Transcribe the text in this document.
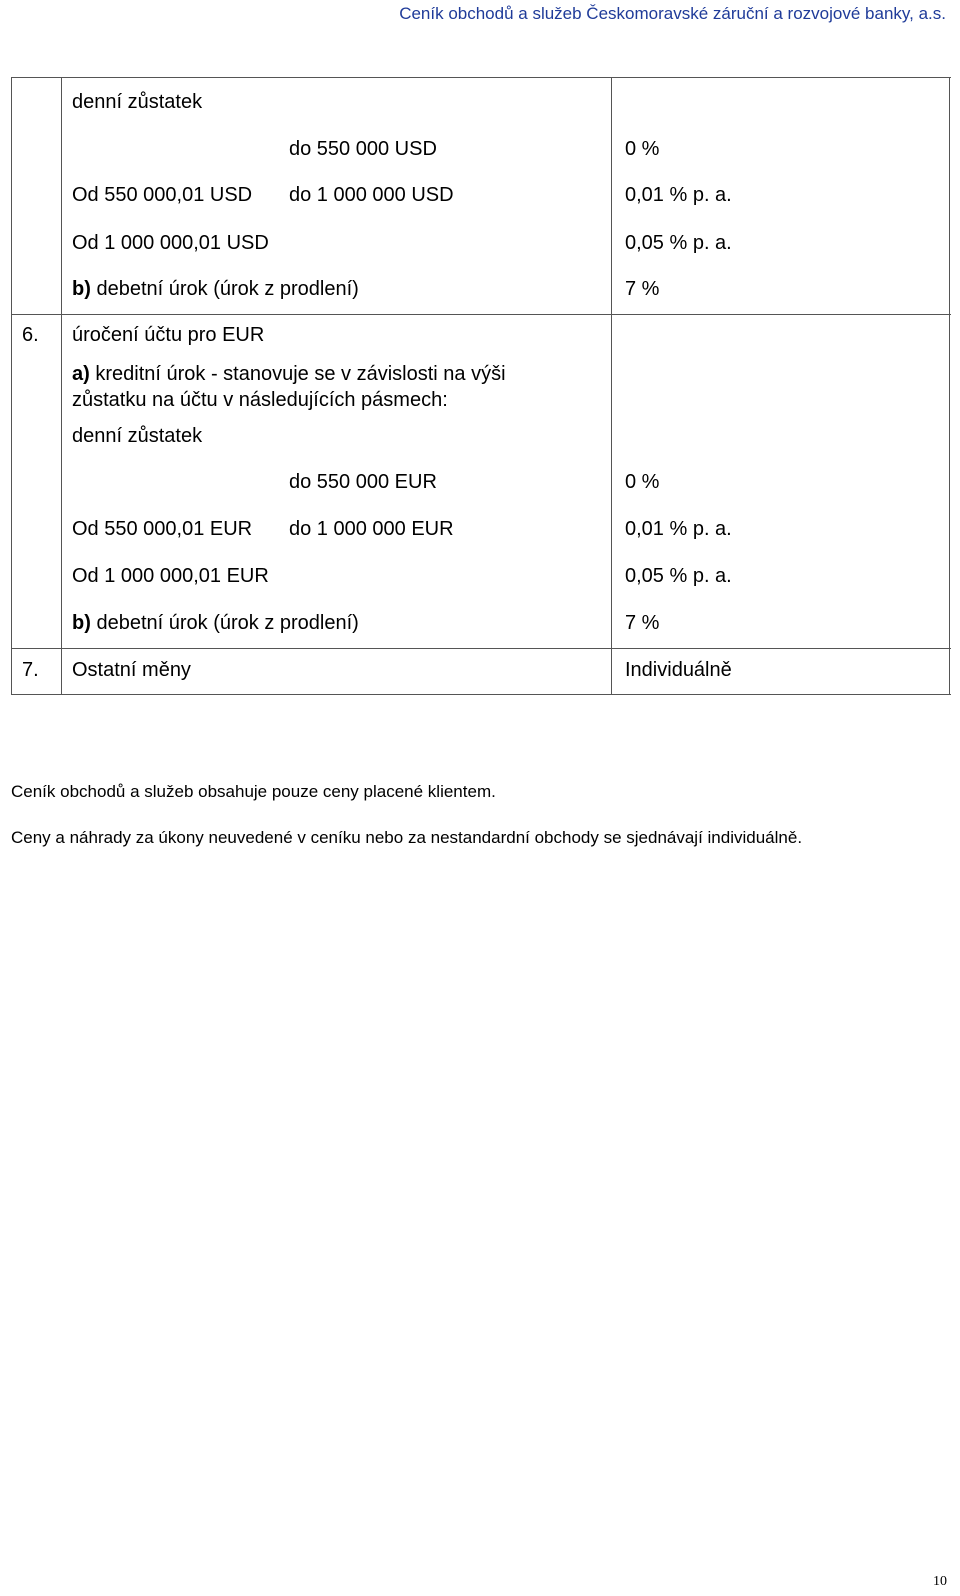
Ceník obchodů a služeb Českomoravské záruční a rozvojové banky, a.s.
denní zůstatek
do 550 000 USD	0 %
Od 550 000,01 USD do 1 000 000 USD	0,01 % p. a.
Od 1 000 000,01 USD	0,05 % p. a.
b) debetní úrok (úrok z prodlení)	7 %
6. úročení účtu pro EUR
a) kreditní úrok - stanovuje se v závislosti na výši
zůstatku na účtu v následujících pásmech:
denní zůstatek
do 550 000 EUR	0 %
Od 550 000,01 EUR do 1 000 000 EUR	0,01 % p. a.
Od 1 000 000,01 EUR	0,05 % p. a.
b) debetní úrok (úrok z prodlení)	7 %
7. Ostatní měny	Individuálně
Ceník obchodů a služeb obsahuje pouze ceny placené klientem.
Ceny a náhrady za úkony neuvedené v ceníku nebo za nestandardní obchody se sjednávají individuálně.
10
